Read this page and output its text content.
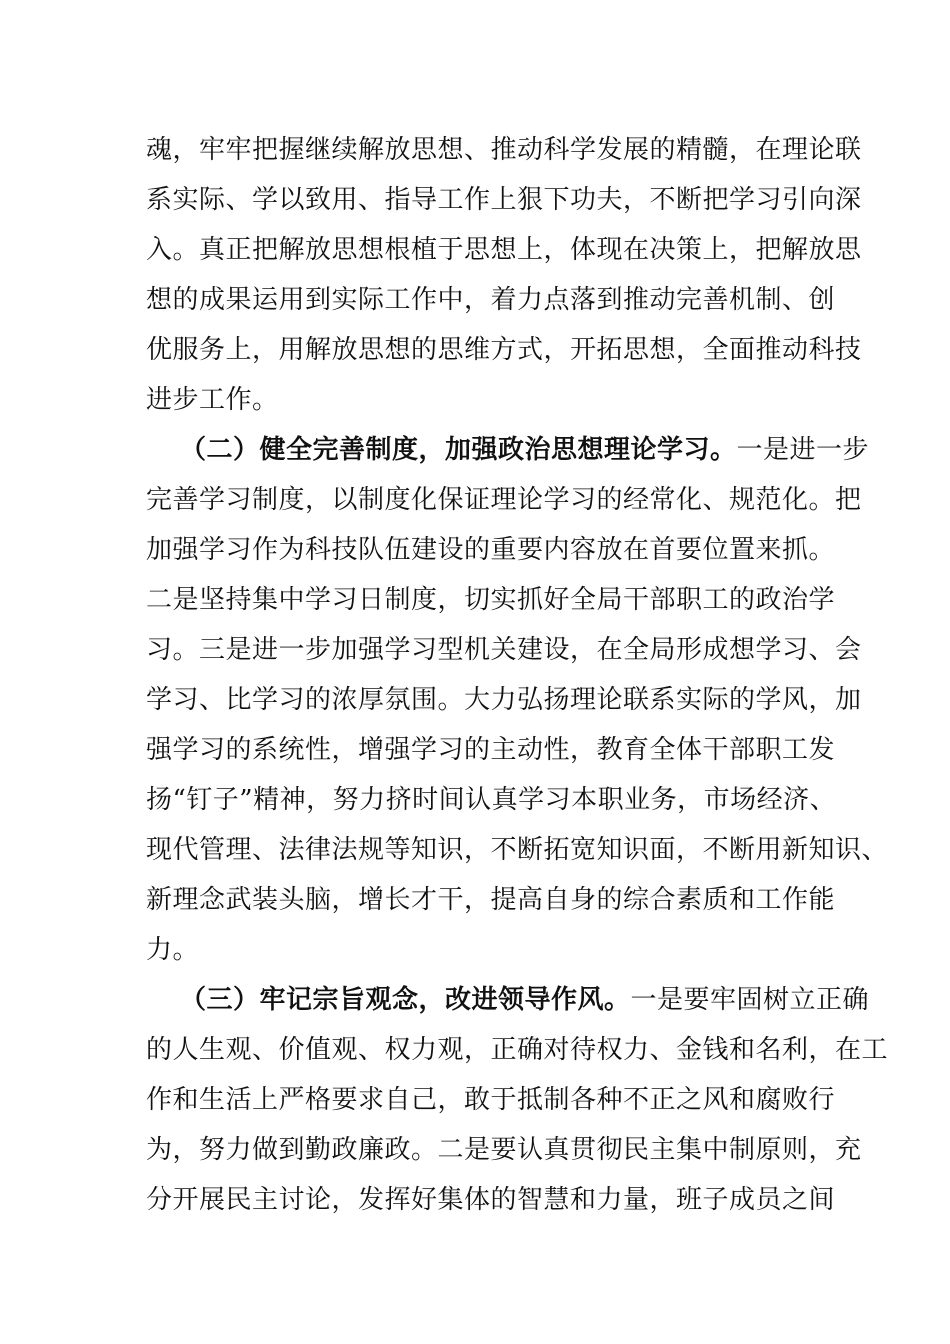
魂，牢牢把握继续解放思想、推动科学发展的精髓，在理论联
系实际、学以致用、指导工作上狠下功夫，不断把学习引向深
入。真正把解放思想根植于思想上，体现在决策上，把解放思
想的成果运用到实际工作中，着力点落到推动完善机制、创
优服务上，用解放思想的思维方式，开拓思想，全面推动科技
进步工作。
（二）健全完善制度，加强政治思想理论学习。一是进一步
完善学习制度，以制度化保证理论学习的经常化、规范化。把
加强学习作为科技队伍建设的重要内容放在首要位置来抓。
二是坚持集中学习日制度，切实抓好全局干部职工的政治学
习。三是进一步加强学习型机关建设，在全局形成想学习、会
学习、比学习的浓厚氛围。大力弘扬理论联系实际的学风，加
强学习的系统性，增强学习的主动性，教育全体干部职工发
扬“钉子”精神，努力挤时间认真学习本职业务，市场经济、
现代管理、法律法规等知识，不断拓宽知识面，不断用新知识、
新理念武装头脑，增长才干，提高自身的综合素质和工作能
力。
（三）牢记宗旨观念，改进领导作风。一是要牢固树立正确
的人生观、价值观、权力观，正确对待权力、金钱和名利，在工
作和生活上严格要求自己，敢于抵制各种不正之风和腐败行
为，努力做到勤政廉政。二是要认真贯彻民主集中制原则，充
分开展民主讨论，发挥好集体的智慧和力量，班子成员之间
